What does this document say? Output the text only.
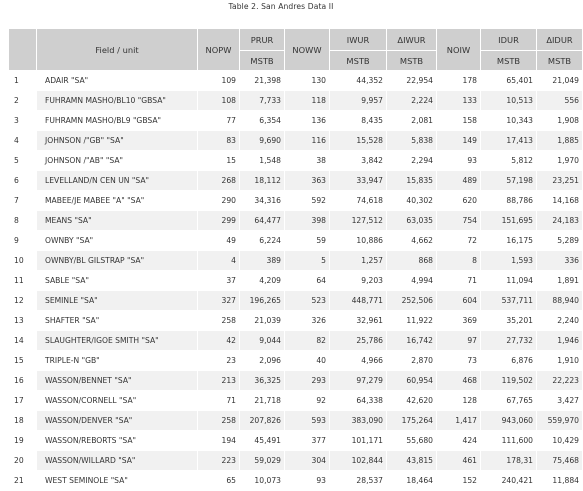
Table 2. San Andres Data II
	Field / unit	NOPW	PRUR	NOWW	IWUR	ΔIWUR	NOIW	IDUR	ΔIDUR
			MSTB		MSTB	MSTB		MSTB	MSTB
1	ADAIR "SA"	109	21,398	130	44,352	22,954	178	65,401	21,049
2	FUHRAMN MASHO/BL10 "GBSA"	108	7,733	118	9,957	2,224	133	10,513	556
3	FUHRAMN MASHO/BL9 "GBSA"	77	6,354	136	8,435	2,081	158	10,343	1,908
4	JOHNSON /"GB" "SA"	83	9,690	116	15,528	5,838	149	17,413	1,885
5	JOHNSON /"AB" "SA"	15	1,548	38	3,842	2,294	93	5,812	1,970
6	LEVELLAND/N CEN UN "SA"	268	18,112	363	33,947	15,835	489	57,198	23,251
7	MABEE/JE MABEE "A" "SA"	290	34,316	592	74,618	40,302	620	88,786	14,168
8	MEANS "SA"	299	64,477	398	127,512	63,035	754	151,695	24,183
9	OWNBY "SA"	49	6,224	59	10,886	4,662	72	16,175	5,289
10	OWNBY/BL GILSTRAP "SA"	4	389	5	1,257	868	8	1,593	336
11	SABLE "SA"	37	4,209	64	9,203	4,994	71	11,094	1,891
12	SEMINLE "SA"	327	196,265	523	448,771	252,506	604	537,711	88,940
13	SHAFTER "SA"	258	21,039	326	32,961	11,922	369	35,201	2,240
14	SLAUGHTER/IGOE SMITH "SA"	42	9,044	82	25,786	16,742	97	27,732	1,946
15	TRIPLE-N "GB"	23	2,096	40	4,966	2,870	73	6,876	1,910
16	WASSON/BENNET "SA"	213	36,325	293	97,279	60,954	468	119,502	22,223
17	WASSON/CORNELL "SA"	71	21,718	92	64,338	42,620	128	67,765	3,427
18	WASSON/DENVER "SA"	258	207,826	593	383,090	175,264	1,417	943,060	559,970
19	WASSON/REBORTS "SA"	194	45,491	377	101,171	55,680	424	111,600	10,429
20	WASSON/WILLARD "SA"	223	59,029	304	102,844	43,815	461	178,31	75,468
21	WEST SEMINOLE "SA"	65	10,073	93	28,537	18,464	152	240,421	11,884
